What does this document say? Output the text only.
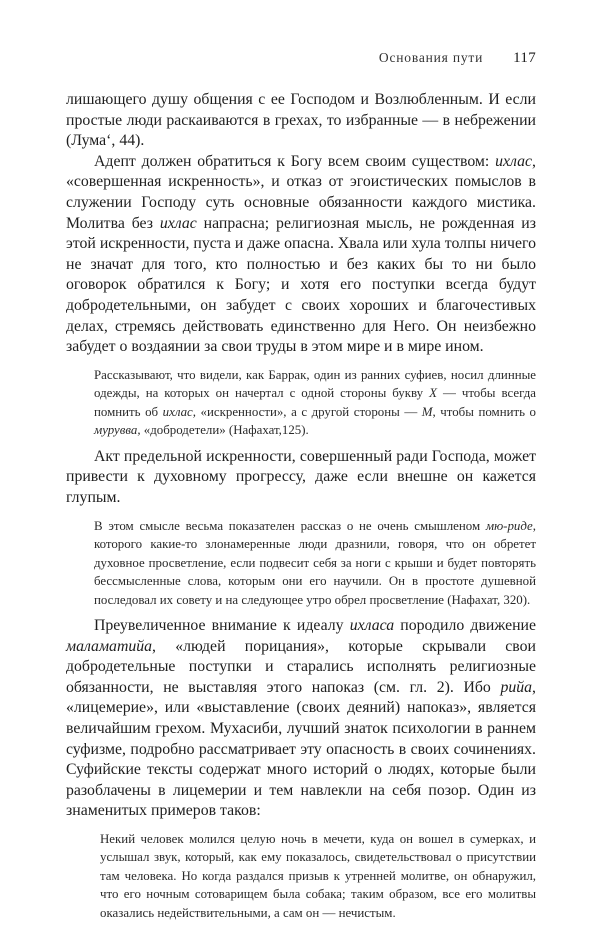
Основания пути 117

лишающего душу общения с ее Господом и Возлюбленным. И если простые люди раскаиваются в грехах, то избранные — в небрежении (Лума‘, 44).

Адепт должен обратиться к Богу всем своим существом: ихлас, «совершенная искренность», и отказ от эгоистических помыслов в служении Господу суть основные обязанности каждого мистика. Молитва без ихлас напрасна; религиозная мысль, не рожденная из этой искренности, пуста и даже опасна. Хвала или хула толпы ничего не значат для того, кто полностью и без каких бы то ни было оговорок обратился к Богу; и хотя его поступки всегда будут добродетельными, он забудет с своих хороших и благочестивых делах, стремясь действовать единственно для Него. Он неизбежно забудет о воздаянии за свои труды в этом мире и в мире ином.

Рассказывают, что видели, как Баррак, один из ранних суфиев, носил длинные одежды, на которых он начертал с одной стороны букву Х — чтобы всегда помнить об ихлас, «искренности», а с другой стороны — М, чтобы помнить о мурувва, «добродетели» (Нафахат,125).

Акт предельной искренности, совершенный ради Господа, может привести к духовному прогрессу, даже если внешне он кажется глупым.

В этом смысле весьма показателен рассказ о не очень смышленом мю-риде, которого какие-то злонамеренные люди дразнили, говоря, что он обретет духовное просветление, если подвесит себя за ноги с крыши и будет повторять бессмысленные слова, которым они его научили. Он в простоте душевной последовал их совету и на следующее утро обрел просветление (Нафахат, 320).

Преувеличенное внимание к идеалу ихласа породило движение маламатийа, «людей порицания», которые скрывали свои добродетельные поступки и старались исполнять религиозные обязанности, не выставляя этого напоказ (см. гл. 2). Ибо рийа, «лицемерие», или «выставление (своих деяний) напоказ», является величайшим грехом. Мухасиби, лучший знаток психологии в раннем суфизме, подробно рассматривает эту опасность в своих сочинениях. Суфийские тексты содержат много историй о людях, которые были разоблачены в лицемерии и тем навлекли на себя позор. Один из знаменитых примеров таков:

Некий человек молился целую ночь в мечети, куда он вошел в сумерках, и услышал звук, который, как ему показалось, свидетельствовал о присутствии там человека. Но когда раздался призыв к утренней молитве, он обнаружил, что его ночным сотоварищем была собака; таким образом, все его молитвы оказались недействительными, а сам он — нечистым.
